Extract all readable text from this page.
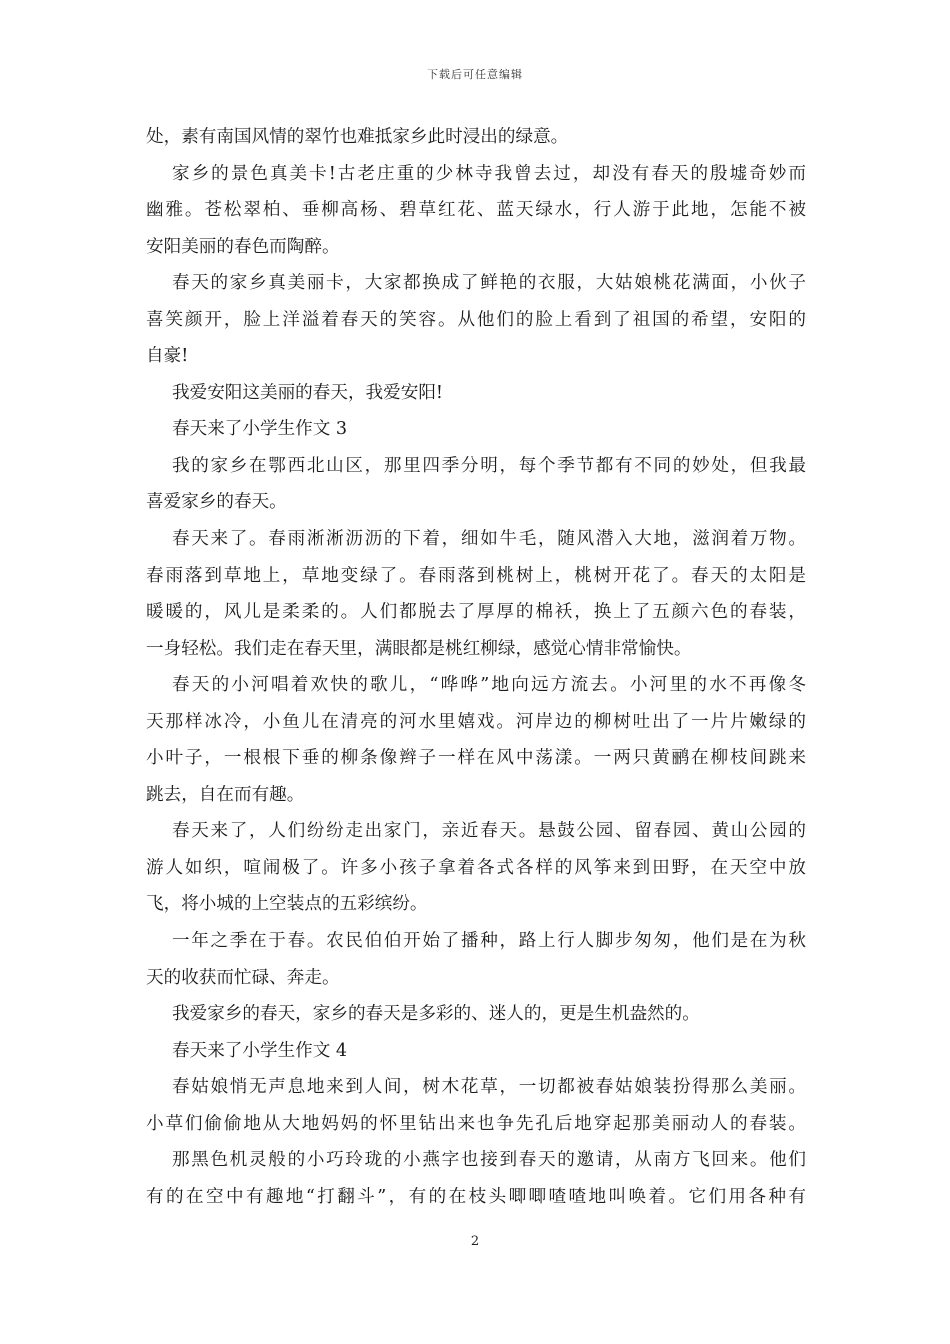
下载后可任意编辑
处，素有南国风情的翠竹也难抵家乡此时浸出的绿意。
家乡的景色真美卡!古老庄重的少林寺我曾去过，却没有春天的殷墟奇妙而
幽雅。苍松翠柏、垂柳高杨、碧草红花、蓝天绿水，行人游于此地，怎能不被
安阳美丽的春色而陶醉。
春天的家乡真美丽卡，大家都换成了鲜艳的衣服，大姑娘桃花满面，小伙子
喜笑颜开，脸上洋溢着春天的笑容。从他们的脸上看到了祖国的希望，安阳的
自豪!
我爱安阳这美丽的春天，我爱安阳!
春天来了小学生作文 3
我的家乡在鄂西北山区，那里四季分明，每个季节都有不同的妙处，但我最
喜爱家乡的春天。
春天来了。春雨淅淅沥沥的下着，细如牛毛，随风潜入大地，滋润着万物。
春雨落到草地上，草地变绿了。春雨落到桃树上，桃树开花了。春天的太阳是
暖暖的，风儿是柔柔的。人们都脱去了厚厚的棉袄，换上了五颜六色的春装，
一身轻松。我们走在春天里，满眼都是桃红柳绿，感觉心情非常愉快。
春天的小河唱着欢快的歌儿，“哗哗”地向远方流去。小河里的水不再像冬
天那样冰冷，小鱼儿在清亮的河水里嬉戏。河岸边的柳树吐出了一片片嫩绿的
小叶子，一根根下垂的柳条像辫子一样在风中荡漾。一两只黄鹂在柳枝间跳来
跳去，自在而有趣。
春天来了，人们纷纷走出家门，亲近春天。悬鼓公园、留春园、黄山公园的
游人如织，喧闹极了。许多小孩子拿着各式各样的风筝来到田野，在天空中放
飞，将小城的上空装点的五彩缤纷。
一年之季在于春。农民伯伯开始了播种，路上行人脚步匆匆，他们是在为秋
天的收获而忙碌、奔走。
我爱家乡的春天，家乡的春天是多彩的、迷人的，更是生机盎然的。
春天来了小学生作文 4
春姑娘悄无声息地来到人间，树木花草，一切都被春姑娘装扮得那么美丽。
小草们偷偷地从大地妈妈的怀里钻出来也争先孔后地穿起那美丽动人的春装。
那黑色机灵般的小巧玲珑的小燕字也接到春天的邀请，从南方飞回来。他们
有的在空中有趣地“打翻斗”，有的在枝头唧唧喳喳地叫唤着。它们用各种有
2
